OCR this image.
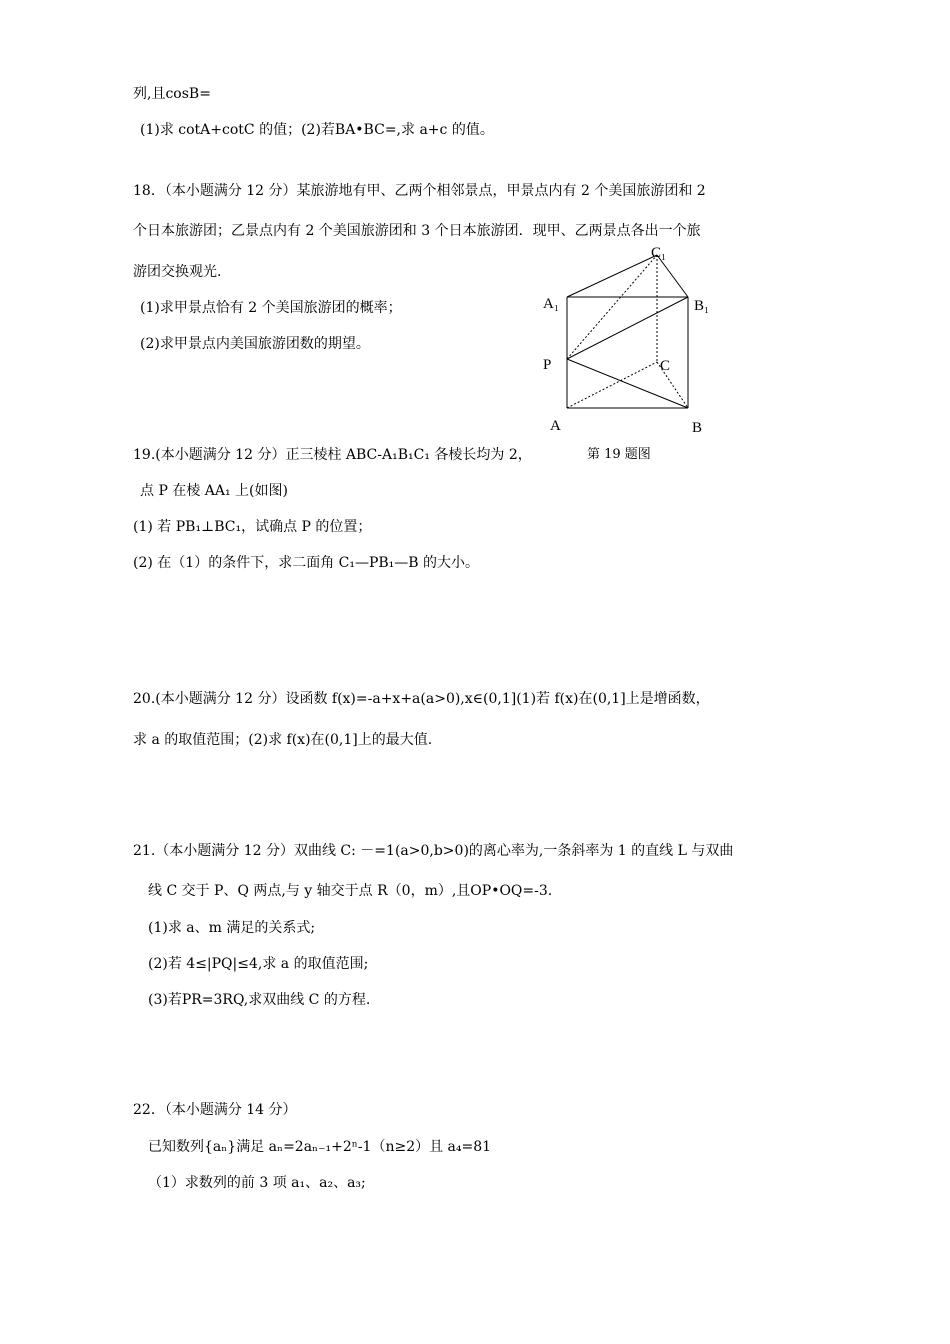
列,且cosB=
(1)求 cotA+cotC 的值；(2)若BA•BC=,求 a+c 的值。
18．（本小题满分 12 分）某旅游地有甲、乙两个相邻景点，甲景点内有 2 个美国旅游团和 2
个日本旅游团；乙景点内有 2 个美国旅游团和 3 个日本旅游团．现甲、乙两景点各出一个旅
游团交换观光.
(1)求甲景点恰有 2 个美国旅游团的概率；
(2)求甲景点内美国旅游团数的期望。
A₁	B₁
C₁
P	C
A	B
第 19 题图
19.(本小题满分 12 分）正三棱柱 ABC-A₁B₁C₁ 各棱长均为 2，
点 P 在棱 AA₁ 上(如图)
(1) 若 PB₁⊥BC₁，试确点 P 的位置；
(2) 在（1）的条件下，求二面角 C₁—PB₁—B 的大小。
20.(本小题满分 12 分）设函数 f(x)=-a+x+a(a>0),x∈(0,1](1)若 f(x)在(0,1]上是增函数，
求 a 的取值范围；(2)求 f(x)在(0,1]上的最大值.
21.（本小题满分 12 分）双曲线 C: －=1(a>0,b>0)的离心率为,一条斜率为 1 的直线 L 与双曲
线 C 交于 P、Q 两点,与 y 轴交于点 R（0，m）,且OP•OQ=-3.
(1)求 a、m 满足的关系式;
(2)若 4≤|PQ|≤4,求 a 的取值范围;
(3)若PR=3RQ,求双曲线 C 的方程.
22．（本小题满分 14 分）
已知数列{aₙ}满足 aₙ=2aₙ₋₁+2ⁿ-1（n≥2）且 a₄=81
（1）求数列的前 3 项 a₁、a₂、a₃;
